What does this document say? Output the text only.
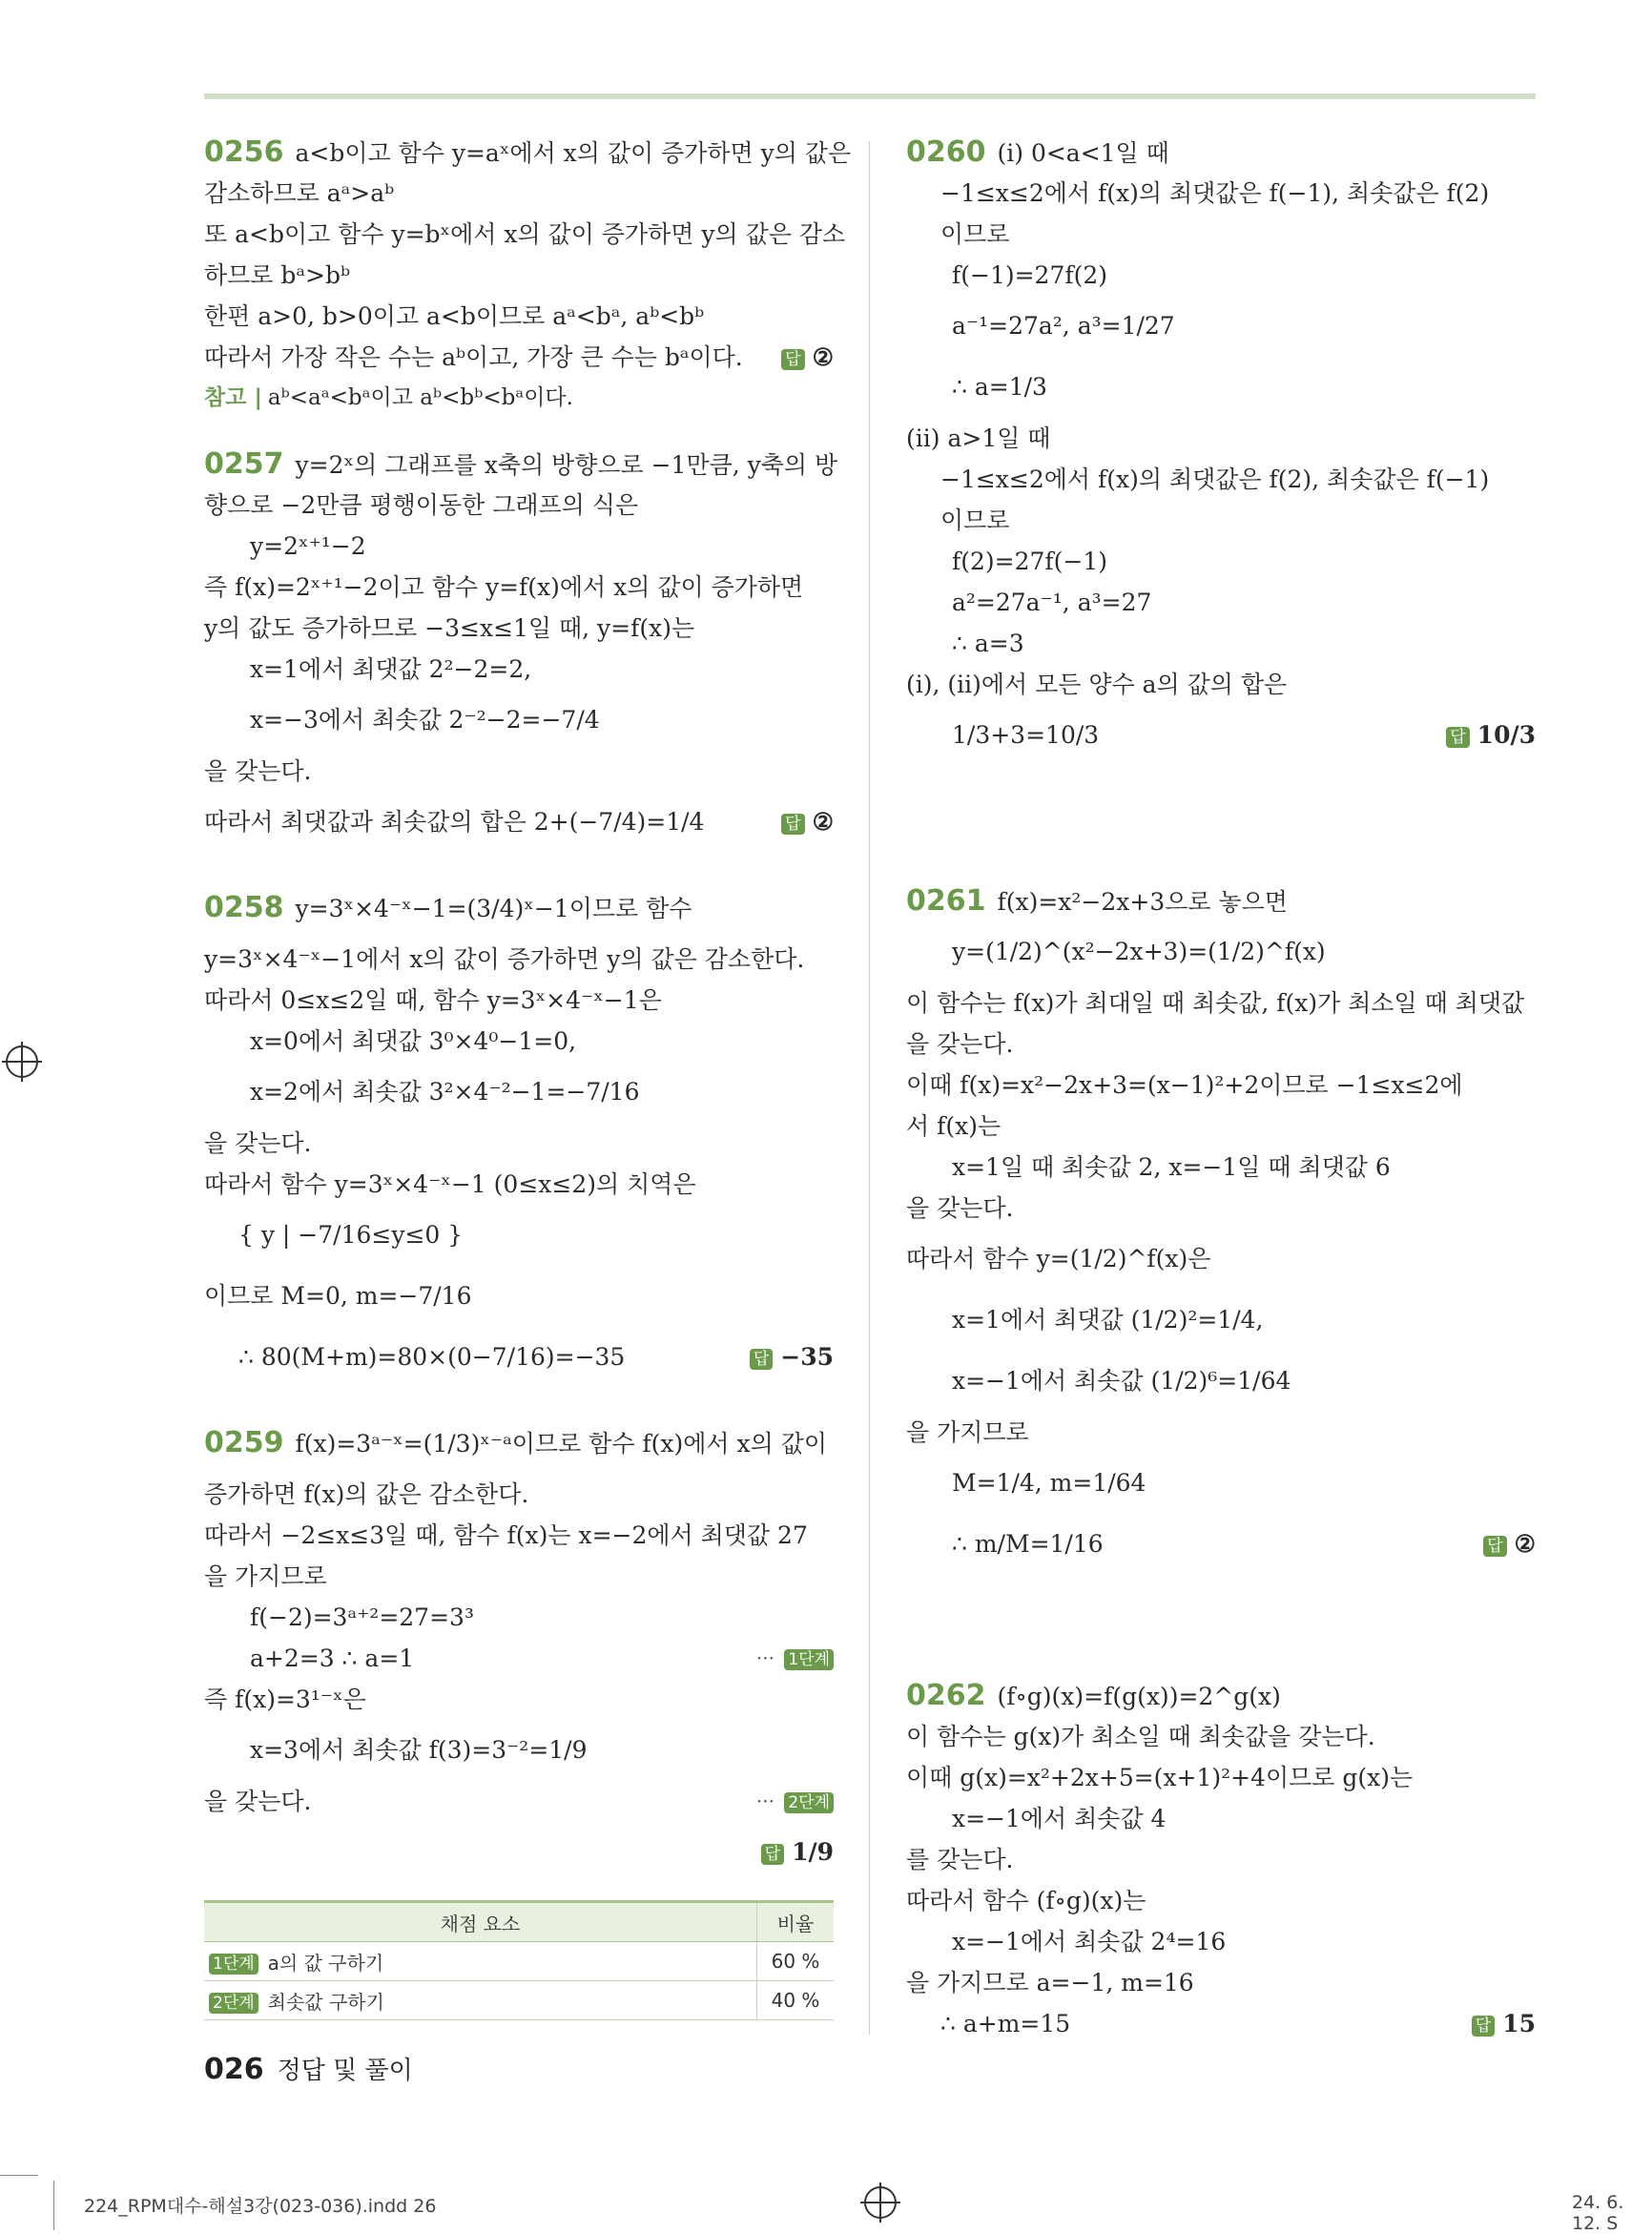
0256 a<b이고 함수 y=aˣ에서 x의 값이 증가하면 y의 값은
감소하므로 aᵃ>aᵇ
또 a<b이고 함수 y=bˣ에서 x의 값이 증가하면 y의 값은 감소
하므로 bᵃ>bᵇ
한편 a>0, b>0이고 a<b이므로 aᵃ<bᵃ, aᵇ<bᵇ
따라서 가장 작은 수는 aᵇ이고, 가장 큰 수는 bᵃ이다.	답 ②
참고 | aᵇ<aᵃ<bᵃ이고 aᵇ<bᵇ<bᵃ이다.
0257 y=2ˣ의 그래프를 x축의 방향으로 −1만큼, y축의 방
향으로 −2만큼 평행이동한 그래프의 식은
y=2ˣ⁺¹−2
즉 f(x)=2ˣ⁺¹−2이고 함수 y=f(x)에서 x의 값이 증가하면
y의 값도 증가하므로 −3≤x≤1일 때, y=f(x)는
x=1에서 최댓값 2²−2=2,
x=−3에서 최솟값 2⁻²−2=−7/4
을 갖는다.
따라서 최댓값과 최솟값의 합은 2+(−7/4)=1/4	답 ②
0258 y=3ˣ×4⁻ˣ−1=(3/4)ˣ−1이므로 함수
y=3ˣ×4⁻ˣ−1에서 x의 값이 증가하면 y의 값은 감소한다.
따라서 0≤x≤2일 때, 함수 y=3ˣ×4⁻ˣ−1은
x=0에서 최댓값 3⁰×4⁰−1=0,
x=2에서 최솟값 3²×4⁻²−1=−7/16
을 갖는다.
따라서 함수 y=3ˣ×4⁻ˣ−1 (0≤x≤2)의 치역은
{ y | −7/16≤y≤0 }
이므로 M=0, m=−7/16
∴ 80(M+m)=80×(0−7/16)=−35	답 −35
0259 f(x)=3ᵃ⁻ˣ=(1/3)ˣ⁻ᵃ이므로 함수 f(x)에서 x의 값이
증가하면 f(x)의 값은 감소한다.
따라서 −2≤x≤3일 때, 함수 f(x)는 x=−2에서 최댓값 27
을 가지므로
f(−2)=3ᵃ⁺²=27=3³
a+2=3 ∴ a=1	··· 1단계
즉 f(x)=3¹⁻ˣ은
x=3에서 최솟값 f(3)=3⁻²=1/9
을 갖는다.	··· 2단계
답 1/9
채점 요소	비율
1단계 a의 값 구하기	60 %
2단계 최솟값 구하기	40 %
0260 (i) 0<a<1일 때
−1≤x≤2에서 f(x)의 최댓값은 f(−1), 최솟값은 f(2)
이므로
f(−1)=27f(2)
a⁻¹=27a², a³=1/27
∴ a=1/3
(ii) a>1일 때
−1≤x≤2에서 f(x)의 최댓값은 f(2), 최솟값은 f(−1)
이므로
f(2)=27f(−1)
a²=27a⁻¹, a³=27
∴ a=3
(i), (ii)에서 모든 양수 a의 값의 합은
1/3+3=10/3	답 10/3
0261 f(x)=x²−2x+3으로 놓으면
y=(1/2)^(x²−2x+3)=(1/2)^f(x)
이 함수는 f(x)가 최대일 때 최솟값, f(x)가 최소일 때 최댓값
을 갖는다.
이때 f(x)=x²−2x+3=(x−1)²+2이므로 −1≤x≤2에
서 f(x)는
x=1일 때 최솟값 2, x=−1일 때 최댓값 6
을 갖는다.
따라서 함수 y=(1/2)^f(x)은
x=1에서 최댓값 (1/2)²=1/4,
x=−1에서 최솟값 (1/2)⁶=1/64
을 가지므로
M=1/4, m=1/64
∴ m/M=1/16	답 ②
0262 (f∘g)(x)=f(g(x))=2^g(x)
이 함수는 g(x)가 최소일 때 최솟값을 갖는다.
이때 g(x)=x²+2x+5=(x+1)²+4이므로 g(x)는
x=−1에서 최솟값 4
를 갖는다.
따라서 함수 (f∘g)(x)는
x=−1에서 최솟값 2⁴=16
을 가지므로 a=−1, m=16
∴ a+m=15	답 15
026 정답 및 풀이
224_RPM대수-해설3강(023-036).indd 26	24. 6. 12. S
